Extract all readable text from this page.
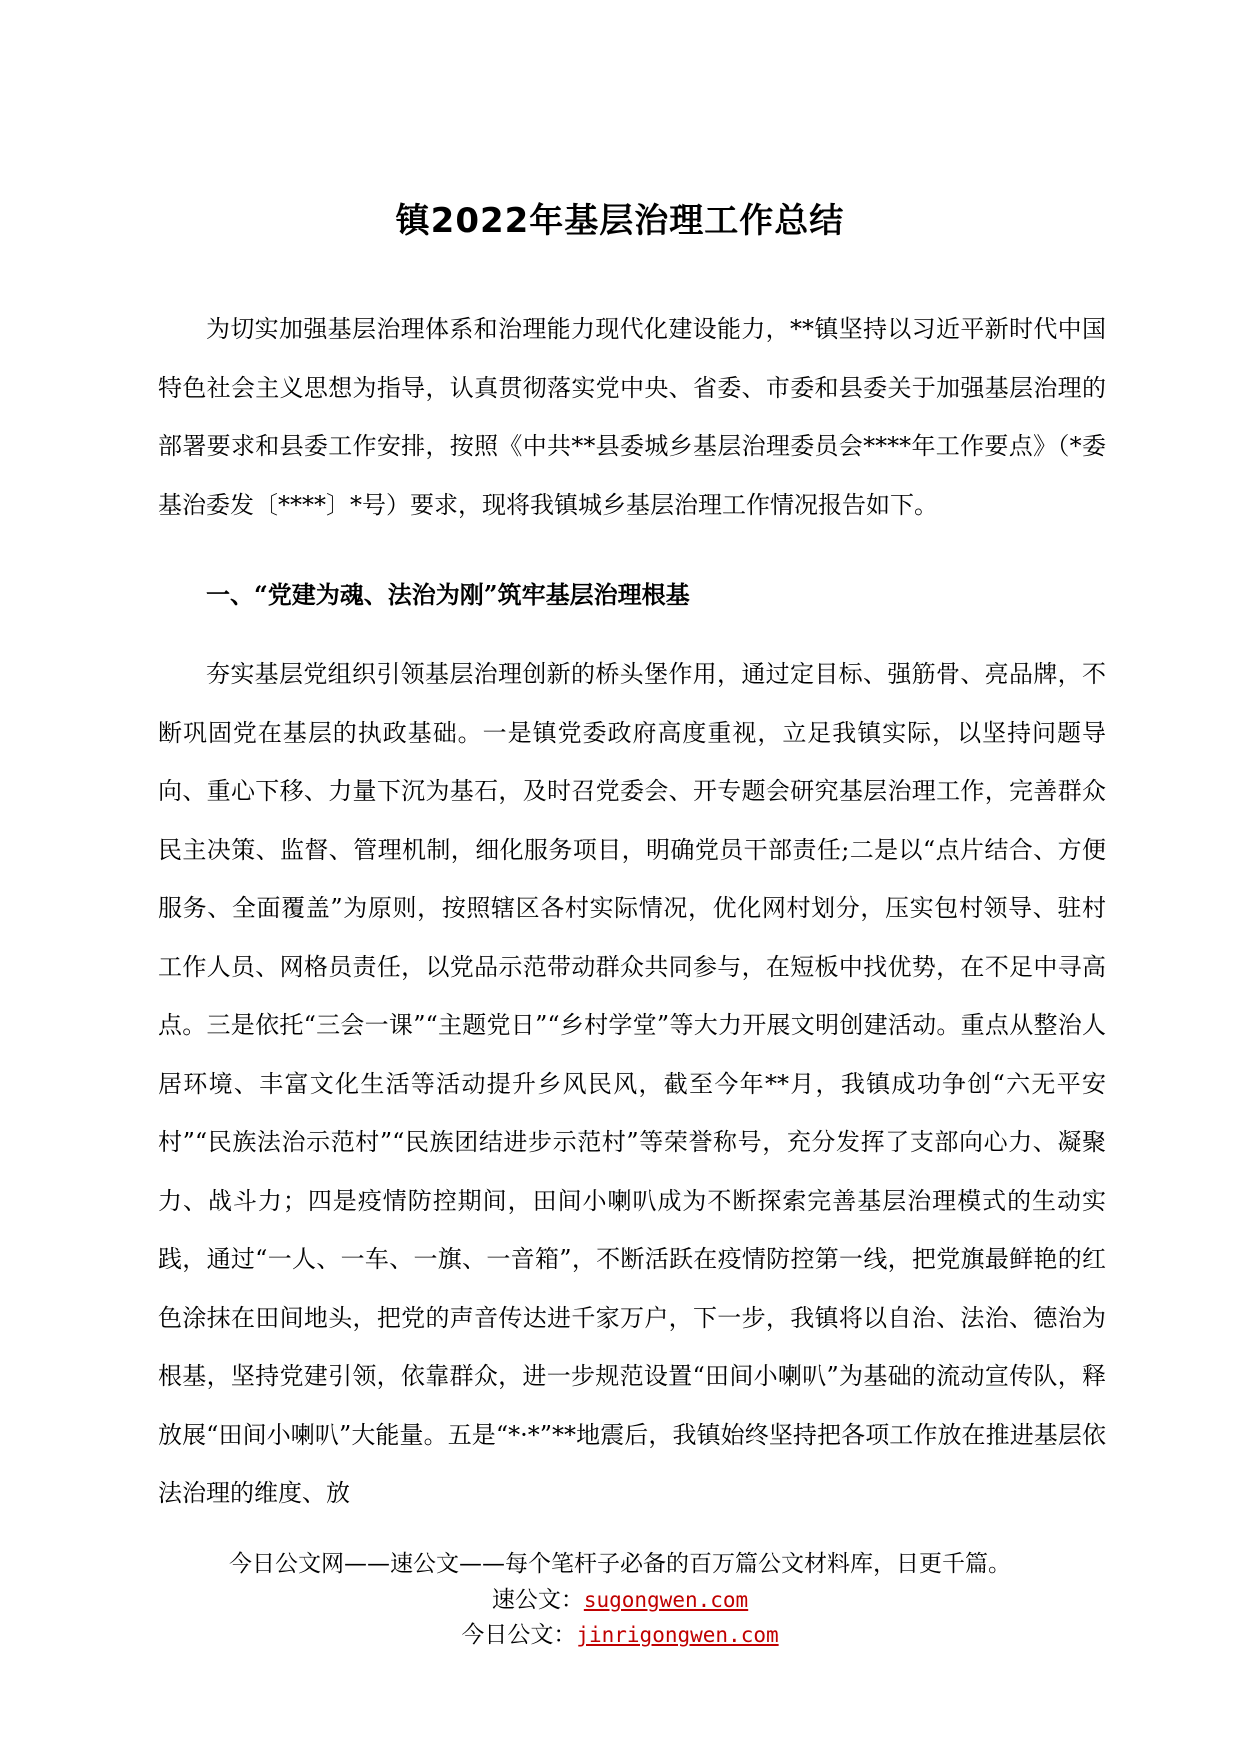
镇2022年基层治理工作总结

为切实加强基层治理体系和治理能力现代化建设能力，**镇坚持以习近平新时代中国特色社会主义思想为指导，认真贯彻落实党中央、省委、市委和县委关于加强基层治理的部署要求和县委工作安排，按照《中共**县委城乡基层治理委员会****年工作要点》（*委基治委发〔****〕*号）要求，现将我镇城乡基层治理工作情况报告如下。

一、“党建为魂、法治为刚”筑牢基层治理根基

夯实基层党组织引领基层治理创新的桥头堡作用，通过定目标、强筋骨、亮品牌，不断巩固党在基层的执政基础。一是镇党委政府高度重视，立足我镇实际，以坚持问题导向、重心下移、力量下沉为基石，及时召党委会、开专题会研究基层治理工作，完善群众民主决策、监督、管理机制，细化服务项目，明确党员干部责任;二是以“点片结合、方便服务、全面覆盖”为原则，按照辖区各村实际情况，优化网村划分，压实包村领导、驻村工作人员、网格员责任，以党品示范带动群众共同参与，在短板中找优势，在不足中寻高点。三是依托“三会一课”“主题党日”“乡村学堂”等大力开展文明创建活动。重点从整治人居环境、丰富文化生活等活动提升乡风民风，截至今年**月，我镇成功争创“六无平安村”“民族法治示范村”“民族团结进步示范村”等荣誉称号，充分发挥了支部向心力、凝聚力、战斗力；四是疫情防控期间，田间小喇叭成为不断探索完善基层治理模式的生动实践，通过“一人、一车、一旗、一音箱”，不断活跃在疫情防控第一线，把党旗最鲜艳的红色涂抹在田间地头，把党的声音传达进千家万户，下一步，我镇将以自治、法治、德治为根基，坚持党建引领，依靠群众，进一步规范设置“田间小喇叭”为基础的流动宣传队，释放展“田间小喇叭”大能量。五是“*·*”**地震后，我镇始终坚持把各项工作放在推进基层依法治理的维度、放

今日公文网——速公文——每个笔杆子必备的百万篇公文材料库，日更千篇。
速公文：sugongwen.com
今日公文：jinrigongwen.com
